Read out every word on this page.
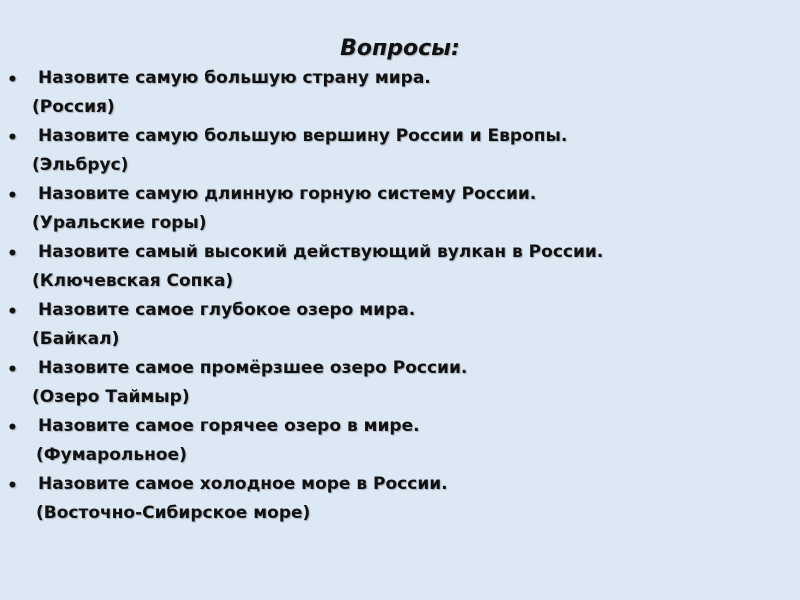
Вопросы:
• Назовите самую большую страну мира.
(Россия)
• Назовите самую большую вершину России и Европы.
(Эльбрус)
• Назовите самую длинную горную систему России.
(Уральские горы)
• Назовите самый высокий действующий вулкан в России.
(Ключевская Сопка)
• Назовите самое глубокое озеро мира.
(Байкал)
• Назовите самое промёрзшее озеро России.
(Озеро Таймыр)
• Назовите самое горячее озеро в мире.
(Фумарольное)
• Назовите самое холодное море в России.
(Восточно-Сибирское море)
